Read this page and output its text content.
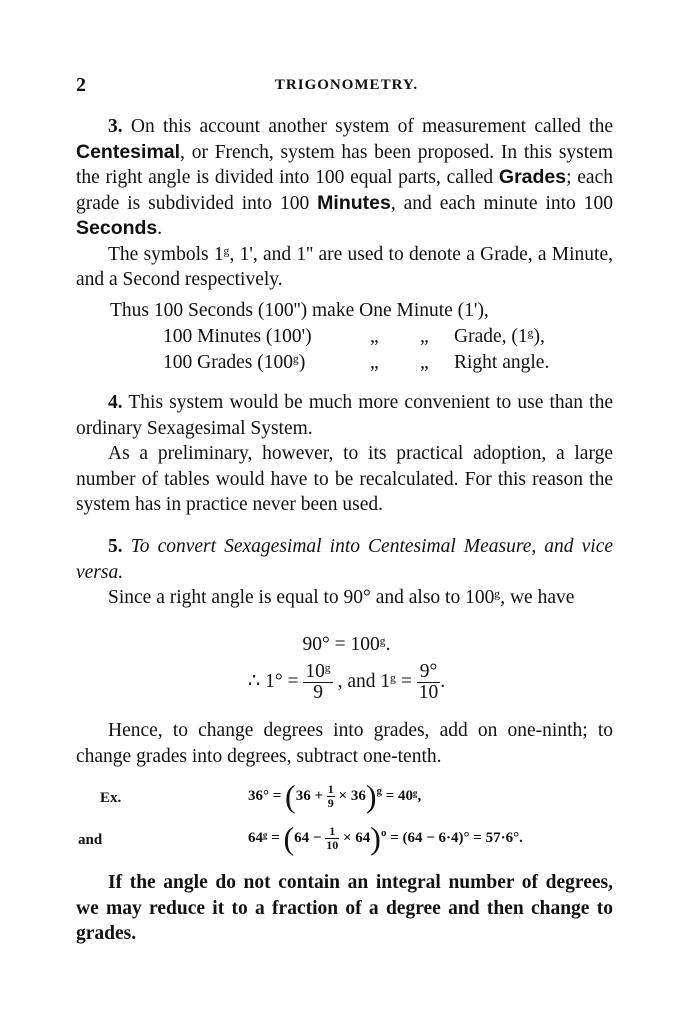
2	TRIGONOMETRY.

3. On this account another system of measurement called the Centesimal, or French, system has been proposed. In this system the right angle is divided into 100 equal parts, called Grades; each grade is subdivided into 100 Minutes, and each minute into 100 Seconds.

The symbols 1ᵍ, 1', and 1'' are used to denote a Grade, a Minute, and a Second respectively.

Thus 100 Seconds (100'') make One Minute (1'),
100 Minutes (100')	„ „ Grade, (1ᵍ),
100 Grades (100ᵍ)	„ „ Right angle.

4. This system would be much more convenient to use than the ordinary Sexagesimal System.

As a preliminary, however, to its practical adoption, a large number of tables would have to be recalculated. For this reason the system has in practice never been used.

5. To convert Sexagesimal into Centesimal Measure, and vice versa.

Since a right angle is equal to 90° and also to 100ᵍ, we have

90° = 100ᵍ.
∴ $1^\circ = \frac{\text{10ᵍ}}{9}$ , and 1ᵍ = $\frac{9^\circ}{10}$ .

Hence, to change degrees into grades, add on one-ninth; to change grades into degrees, subtract one-tenth.

Ex.	$36^\circ = (36 + \frac{1}{9} \times 36)^g$ = 40ᵍ,
and	64ᵍ = $(64 - \frac{1}{10} \times 64)^o = (64 - 6\cdot 4)^\circ = 57\cdot 6^\circ$.

If the angle do not contain an integral number of degrees, we may reduce it to a fraction of a degree and then change to grades.
